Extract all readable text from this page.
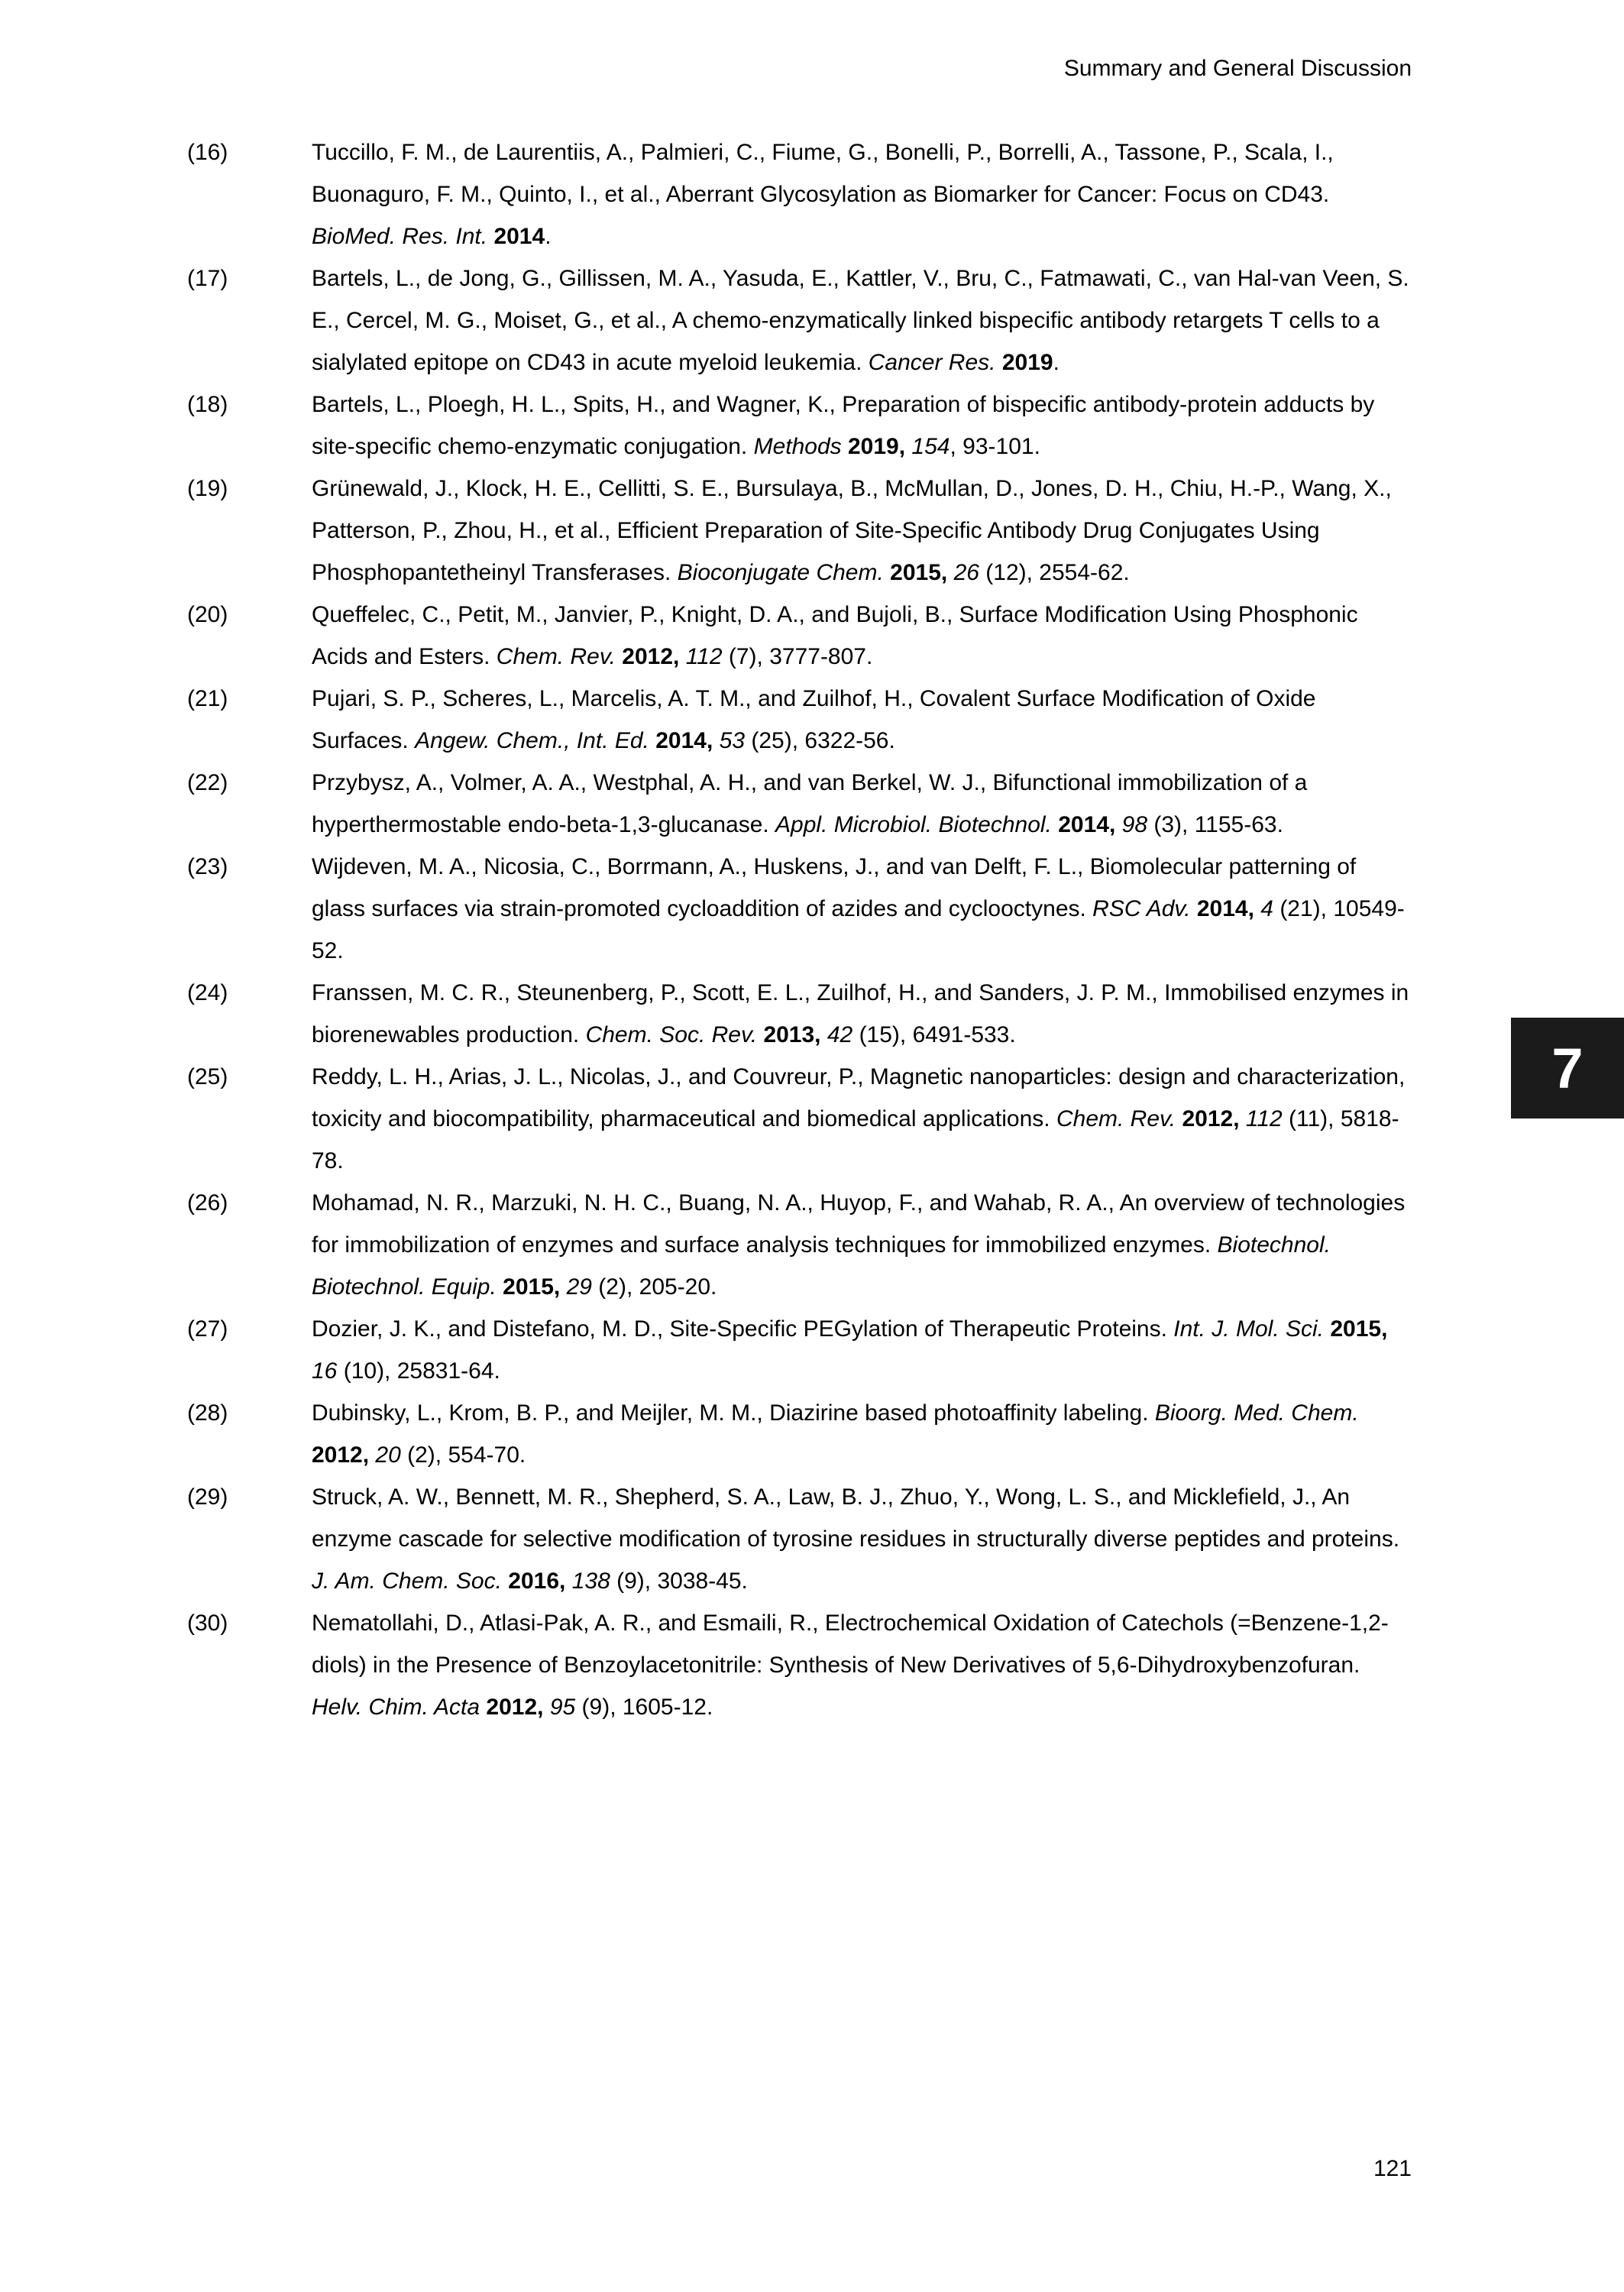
Summary and General Discussion
(16)	Tuccillo, F. M., de Laurentiis, A., Palmieri, C., Fiume, G., Bonelli, P., Borrelli, A., Tassone, P., Scala, I., Buonaguro, F. M., Quinto, I., et al., Aberrant Glycosylation as Biomarker for Cancer: Focus on CD43. BioMed. Res. Int. 2014.
(17)	Bartels, L., de Jong, G., Gillissen, M. A., Yasuda, E., Kattler, V., Bru, C., Fatmawati, C., van Hal-van Veen, S. E., Cercel, M. G., Moiset, G., et al., A chemo-enzymatically linked bispecific antibody retargets T cells to a sialylated epitope on CD43 in acute myeloid leukemia. Cancer Res. 2019.
(18)	Bartels, L., Ploegh, H. L., Spits, H., and Wagner, K., Preparation of bispecific antibody-protein adducts by site-specific chemo-enzymatic conjugation. Methods 2019, 154, 93-101.
(19)	Grünewald, J., Klock, H. E., Cellitti, S. E., Bursulaya, B., McMullan, D., Jones, D. H., Chiu, H.-P., Wang, X., Patterson, P., Zhou, H., et al., Efficient Preparation of Site-Specific Antibody Drug Conjugates Using Phosphopantetheinyl Transferases. Bioconjugate Chem. 2015, 26 (12), 2554-62.
(20)	Queffelec, C., Petit, M., Janvier, P., Knight, D. A., and Bujoli, B., Surface Modification Using Phosphonic Acids and Esters. Chem. Rev. 2012, 112 (7), 3777-807.
(21)	Pujari, S. P., Scheres, L., Marcelis, A. T. M., and Zuilhof, H., Covalent Surface Modification of Oxide Surfaces. Angew. Chem., Int. Ed. 2014, 53 (25), 6322-56.
(22)	Przybysz, A., Volmer, A. A., Westphal, A. H., and van Berkel, W. J., Bifunctional immobilization of a hyperthermostable endo-beta-1,3-glucanase. Appl. Microbiol. Biotechnol. 2014, 98 (3), 1155-63.
(23)	Wijdeven, M. A., Nicosia, C., Borrmann, A., Huskens, J., and van Delft, F. L., Biomolecular patterning of glass surfaces via strain-promoted cycloaddition of azides and cyclooctynes. RSC Adv. 2014, 4 (21), 10549-52.
(24)	Franssen, M. C. R., Steunenberg, P., Scott, E. L., Zuilhof, H., and Sanders, J. P. M., Immobilised enzymes in biorenewables production. Chem. Soc. Rev. 2013, 42 (15), 6491-533.
(25)	Reddy, L. H., Arias, J. L., Nicolas, J., and Couvreur, P., Magnetic nanoparticles: design and characterization, toxicity and biocompatibility, pharmaceutical and biomedical applications. Chem. Rev. 2012, 112 (11), 5818-78.
(26)	Mohamad, N. R., Marzuki, N. H. C., Buang, N. A., Huyop, F., and Wahab, R. A., An overview of technologies for immobilization of enzymes and surface analysis techniques for immobilized enzymes. Biotechnol. Biotechnol. Equip. 2015, 29 (2), 205-20.
(27)	Dozier, J. K., and Distefano, M. D., Site-Specific PEGylation of Therapeutic Proteins. Int. J. Mol. Sci. 2015, 16 (10), 25831-64.
(28)	Dubinsky, L., Krom, B. P., and Meijler, M. M., Diazirine based photoaffinity labeling. Bioorg. Med. Chem. 2012, 20 (2), 554-70.
(29)	Struck, A. W., Bennett, M. R., Shepherd, S. A., Law, B. J., Zhuo, Y., Wong, L. S., and Micklefield, J., An enzyme cascade for selective modification of tyrosine residues in structurally diverse peptides and proteins. J. Am. Chem. Soc. 2016, 138 (9), 3038-45.
(30)	Nematollahi, D., Atlasi-Pak, A. R., and Esmaili, R., Electrochemical Oxidation of Catechols (=Benzene-1,2-diols) in the Presence of Benzoylacetonitrile: Synthesis of New Derivatives of 5,6-Dihydroxybenzofuran. Helv. Chim. Acta 2012, 95 (9), 1605-12.
7
121
